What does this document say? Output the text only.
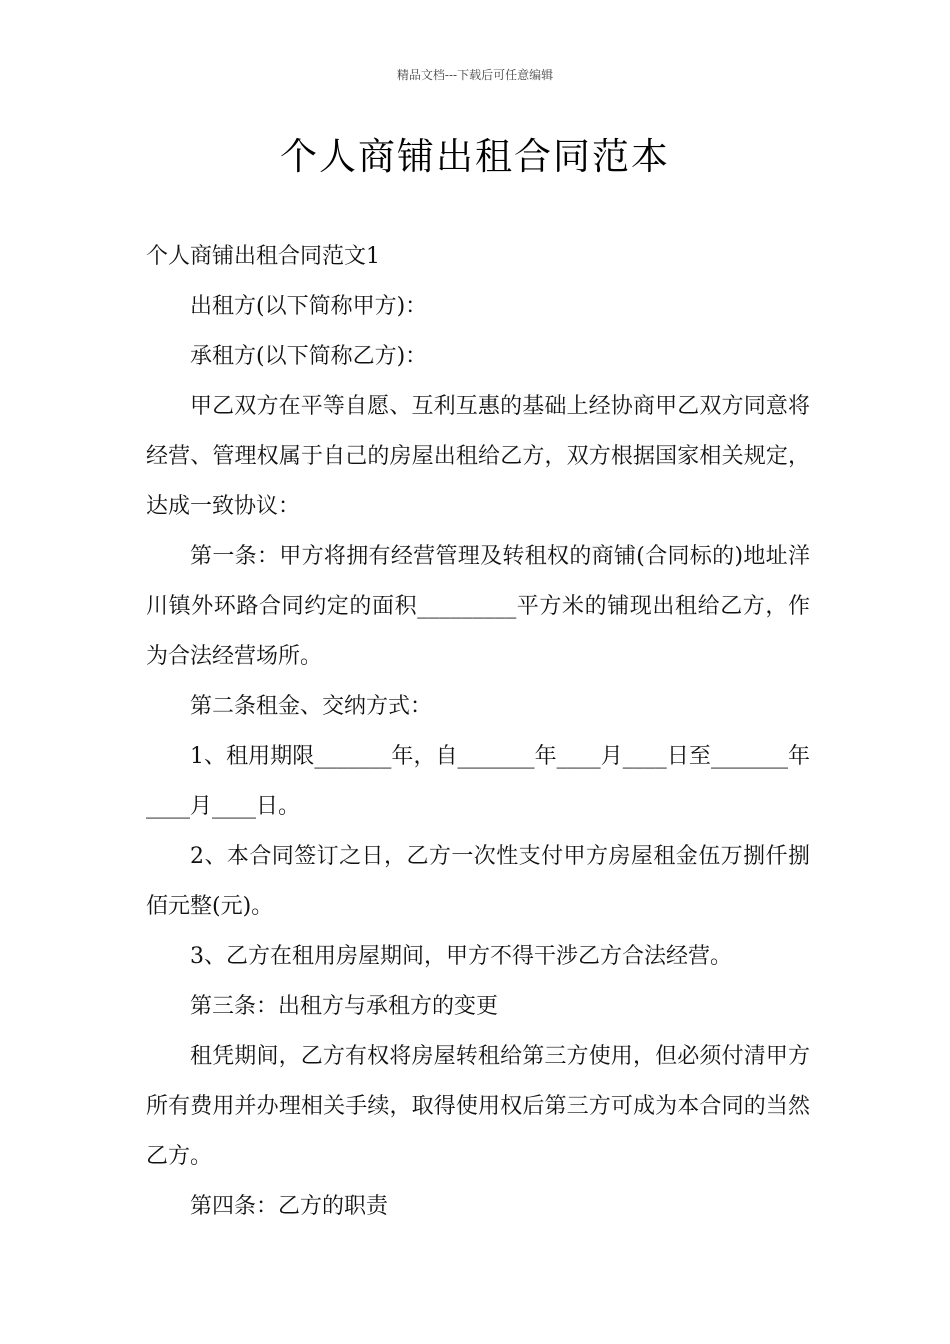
精品文档---下载后可任意编辑
个人商铺出租合同范本

个人商铺出租合同范文1

出租方(以下简称甲方)：

承租方(以下简称乙方)：

甲乙双方在平等自愿、互利互惠的基础上经协商甲乙双方同意将经营、管理权属于自己的房屋出租给乙方，双方根据国家相关规定，达成一致协议：

第一条：甲方将拥有经营管理及转租权的商铺(合同标的)地址洋川镇外环路合同约定的面积_________平方米的铺现出租给乙方，作为合法经营场所。

第二条租金、交纳方式：

1、租用期限_______年，自_______年____月____日至_______年____月____日。

2、本合同签订之日，乙方一次性支付甲方房屋租金伍万捌仟捌佰元整(元)。

3、乙方在租用房屋期间，甲方不得干涉乙方合法经营。

第三条：出租方与承租方的变更

租凭期间，乙方有权将房屋转租给第三方使用，但必须付清甲方所有费用并办理相关手续，取得使用权后第三方可成为本合同的当然乙方。

第四条：乙方的职责
